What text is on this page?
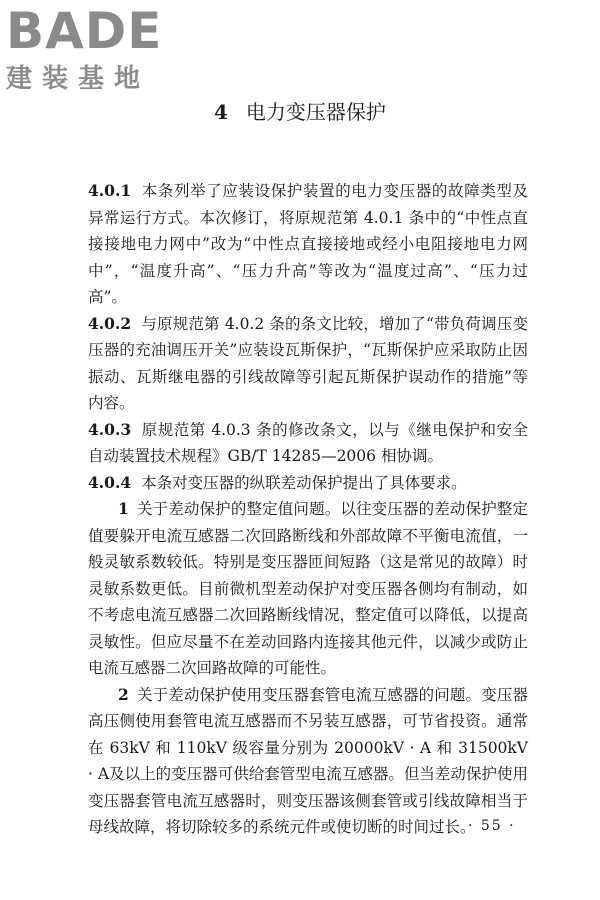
BADE
建装基地
4 电力变压器保护

4.0.1 本条列举了应装设保护装置的电力变压器的故障类型及异常运行方式。本次修订，将原规范第 4.0.1 条中的“中性点直接接地电力网中”改为“中性点直接接地或经小电阻接地电力网中”，“温度升高”、“压力升高”等改为“温度过高”、“压力过高”。

4.0.2 与原规范第 4.0.2 条的条文比较，增加了“带负荷调压变压器的充油调压开关”应装设瓦斯保护，“瓦斯保护应采取防止因振动、瓦斯继电器的引线故障等引起瓦斯保护误动作的措施”等内容。

4.0.3 原规范第 4.0.3 条的修改条文，以与《继电保护和安全自动装置技术规程》GB/T 14285—2006 相协调。

4.0.4 本条对变压器的纵联差动保护提出了具体要求。

1 关于差动保护的整定值问题。以往变压器的差动保护整定值要躲开电流互感器二次回路断线和外部故障不平衡电流值，一般灵敏系数较低。特别是变压器匝间短路（这是常见的故障）时灵敏系数更低。目前微机型差动保护对变压器各侧均有制动，如不考虑电流互感器二次回路断线情况，整定值可以降低，以提高灵敏性。但应尽量不在差动回路内连接其他元件，以减少或防止电流互感器二次回路故障的可能性。

2 关于差动保护使用变压器套管电流互感器的问题。变压器高压侧使用套管电流互感器而不另装互感器，可节省投资。通常在 63kV 和 110kV 级容量分别为 20000kV · A 和 31500kV · A及以上的变压器可供给套管型电流互感器。但当差动保护使用变压器套管电流互感器时，则变压器该侧套管或引线故障相当于母线故障，将切除较多的系统元件或使切断的时间过长。

· 55 ·
